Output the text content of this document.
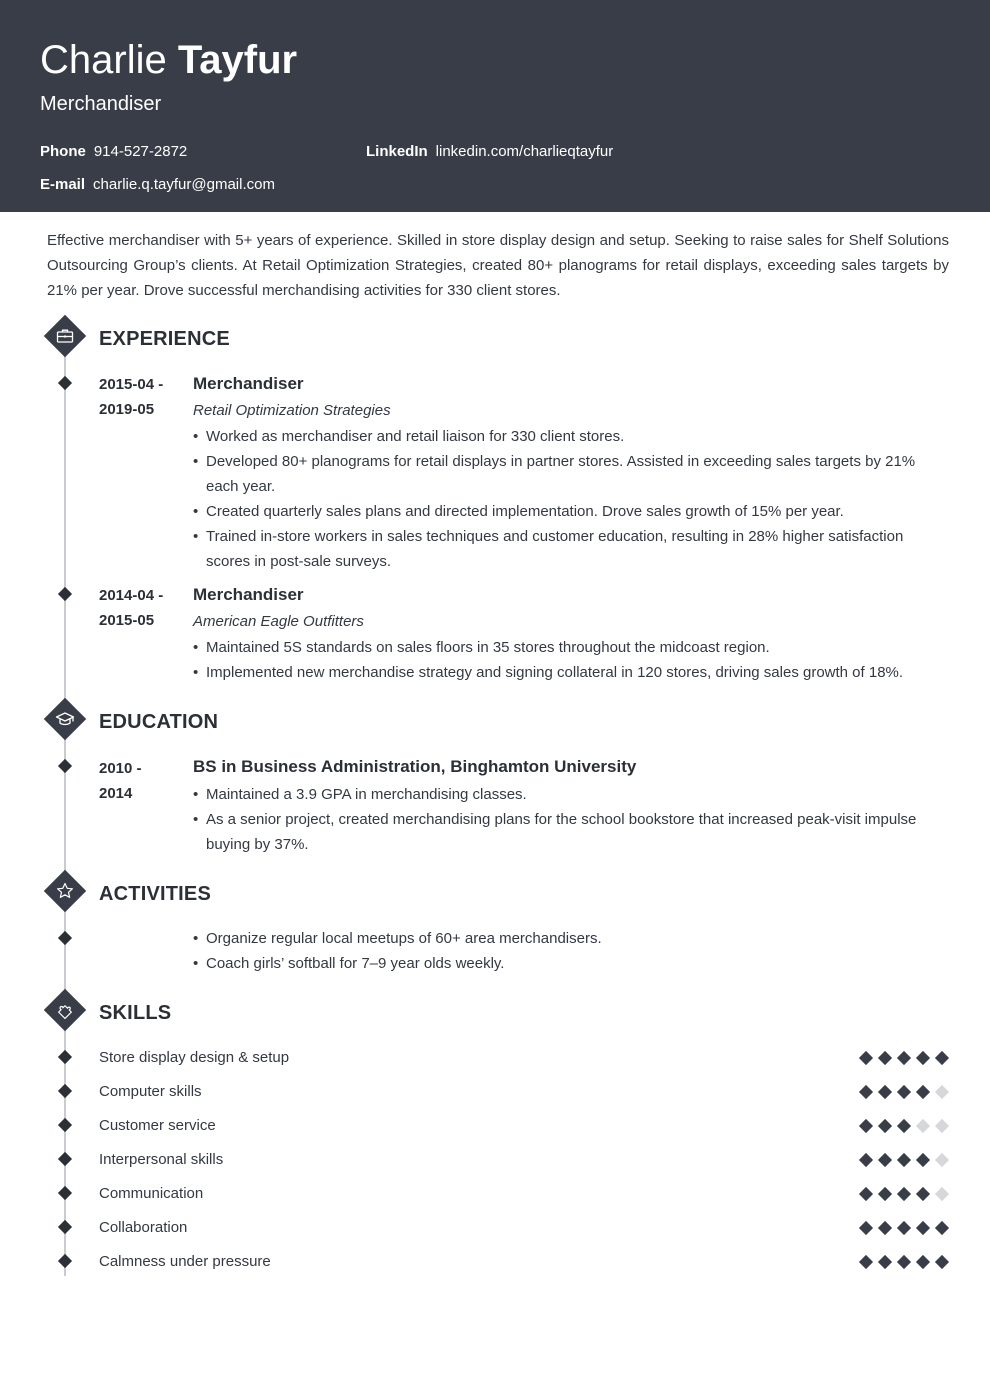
Charlie Tayfur
Merchandiser
Phone 914-527-2872	LinkedIn linkedin.com/charlieqtayfur
E-mail charlie.q.tayfur@gmail.com
Effective merchandiser with 5+ years of experience. Skilled in store display design and setup. Seeking to raise sales for Shelf Solutions Outsourcing Group’s clients. At Retail Optimization Strategies, created 80+ planograms for retail displays, exceeding sales targets by 21% per year. Drove successful merchandising activities for 330 client stores.
EXPERIENCE
2015-04 -
2019-05
Merchandiser
Retail Optimization Strategies
• Worked as merchandiser and retail liaison for 330 client stores.
• Developed 80+ planograms for retail displays in partner stores. Assisted in exceeding sales targets by 21% each year.
• Created quarterly sales plans and directed implementation. Drove sales growth of 15% per year.
• Trained in-store workers in sales techniques and customer education, resulting in 28% higher satisfaction scores in post-sale surveys.
2014-04 -
2015-05
Merchandiser
American Eagle Outfitters
• Maintained 5S standards on sales floors in 35 stores throughout the midcoast region.
• Implemented new merchandise strategy and signing collateral in 120 stores, driving sales growth of 18%.
EDUCATION
2010 -
2014
BS in Business Administration, Binghamton University
• Maintained a 3.9 GPA in merchandising classes.
• As a senior project, created merchandising plans for the school bookstore that increased peak-visit impulse buying by 37%.
ACTIVITIES
• Organize regular local meetups of 60+ area merchandisers.
• Coach girls’ softball for 7–9 year olds weekly.
SKILLS
Store display design & setup
Computer skills
Customer service
Interpersonal skills
Communication
Collaboration
Calmness under pressure
